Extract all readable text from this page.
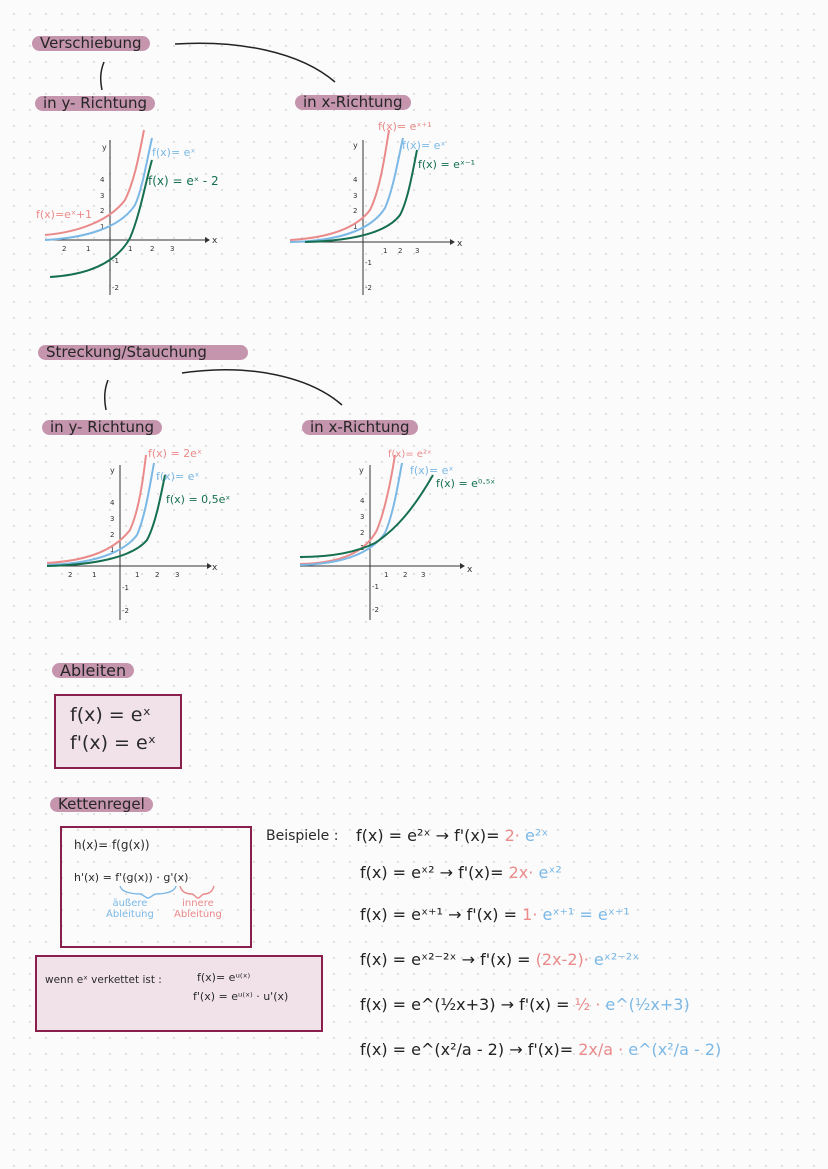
Verschiebung
in y- Richtung	in x-Richtung
y
x
2	1	1	2 3
4
3
2
1
-1
-2
f(x)= eˣ
f(x) = eˣ - 2
f(x)=eˣ+1
y
x
1 2 3
4
3
2
1
-1
-2
f(x)= eˣ⁺¹
f(x)= eˣ
f(x) = eˣ⁻¹
Streckung/Stauchung
in y- Richtung	in x-Richtung
y
x
2	1	1 2 3
4
3
2
1
-1
-2
f(x) = 2eˣ
f(x)= eˣ
f(x) = 0,5eˣ
y
x
1 2 3
4
3
2
1
-1
-2
f(x)= e²ˣ
f(x)= eˣ
f(x) = e⁰·⁵ˣ
Ableiten
f(x) = eˣ
f'(x) = eˣ
Kettenregel
h(x)= f(g(x))
h'(x) = f'(g(x)) · g'(x)
äußere
Ableitung
innere
Ableitung
wenn eˣ verkettet ist :	f(x)= eᵘ⁽ˣ⁾
f'(x) = eᵘ⁽ˣ⁾ · u'(x)
Beispiele : f(x) = e²ˣ → f'(x)= 2· e²ˣ
f(x) = eˣ² → f'(x)= 2x· eˣ²
f(x) = eˣ⁺¹ → f'(x) = 1· eˣ⁺¹ = eˣ⁺¹
f(x) = eˣ²⁻²ˣ → f'(x) = (2x-2)· eˣ²⁻²ˣ
f(x) = e^(½x+3) → f'(x) = ½ · e^(½x+3)
f(x) = e^(x²/a - 2) → f'(x)= 2x/a · e^(x²/a - 2)
